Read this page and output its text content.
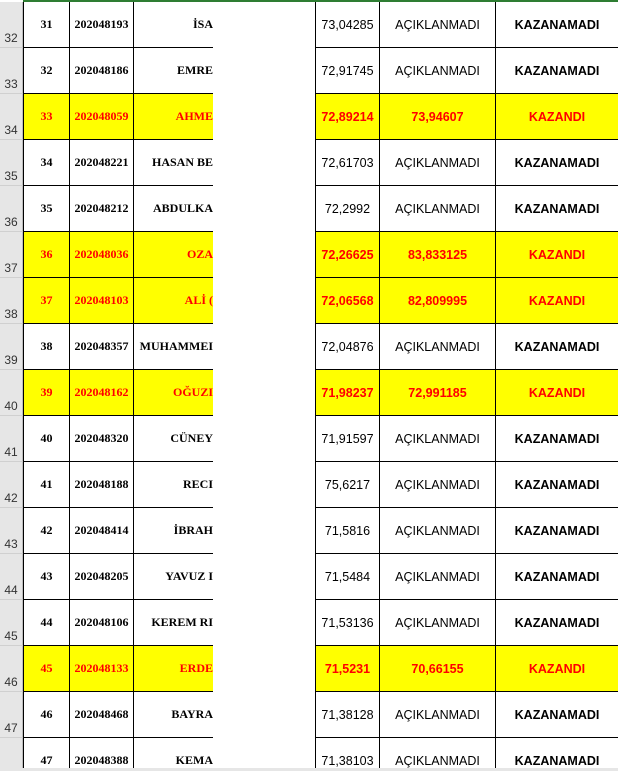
32
31	202048193	İSA	73,04285	AÇIKLANMADI	KAZANAMADI
33
32	202048186	EMRE	72,91745	AÇIKLANMADI	KAZANAMADI
34
33	202048059	AHME	72,89214	73,94607	KAZANDI
35
34	202048221	HASAN BE	72,61703	AÇIKLANMADI	KAZANAMADI
36
35	202048212	ABDULKA	72,2992	AÇIKLANMADI	KAZANAMADI
37
36	202048036	OZA	72,26625	83,833125	KAZANDI
38
37	202048103	ALİ (	72,06568	82,809995	KAZANDI
39
38	202048357 MUHAMMEI	72,04876	AÇIKLANMADI	KAZANAMADI
40
39	202048162	OĞUZI	71,98237	72,991185	KAZANDI
41
40	202048320	CÜNEY	71,91597	AÇIKLANMADI	KAZANAMADI
42
41	202048188	RECI	75,6217	AÇIKLANMADI	KAZANAMADI
43
42	202048414	İBRAH	71,5816	AÇIKLANMADI	KAZANAMADI
44
43	202048205	YAVUZ I	71,5484	AÇIKLANMADI	KAZANAMADI
45
44	202048106	KEREM RI	71,53136	AÇIKLANMADI	KAZANAMADI
46
45	202048133	ERDE	71,5231	70,66155	KAZANDI
47
46	202048468	BAYRA	71,38128	AÇIKLANMADI	KAZANAMADI
47	202048388	KEMA	71,38103	AÇIKLANMADI	KAZANAMADI
